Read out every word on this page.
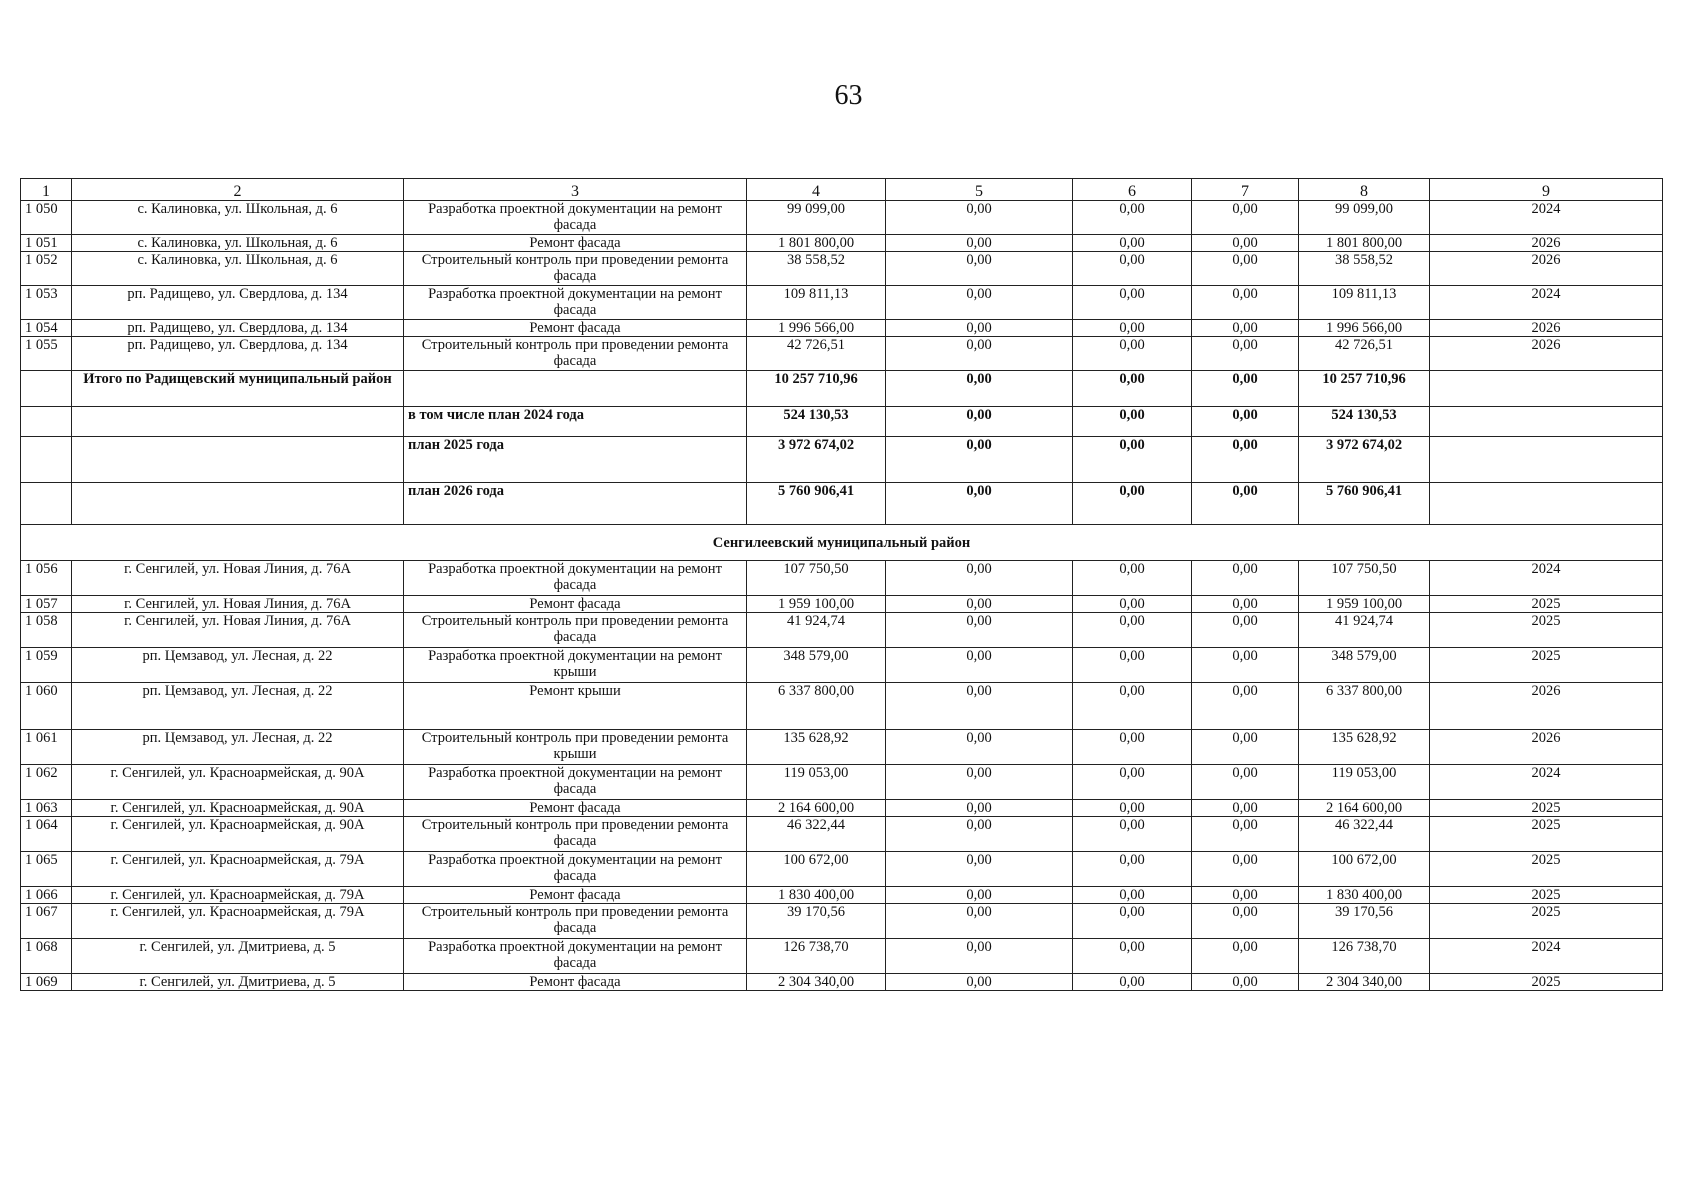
63
1	2	3	4	5	6	7	8	9
1 050	с. Калиновка, ул. Школьная, д. 6	Разработка проектной документации на ремонт фасада	99 099,00	0,00	0,00	0,00	99 099,00	2024
1 051	с. Калиновка, ул. Школьная, д. 6	Ремонт фасада	1 801 800,00	0,00	0,00	0,00	1 801 800,00	2026
1 052	с. Калиновка, ул. Школьная, д. 6	Строительный контроль при проведении ремонта фасада	38 558,52	0,00	0,00	0,00	38 558,52	2026
1 053	рп. Радищево, ул. Свердлова, д. 134	Разработка проектной документации на ремонт фасада	109 811,13	0,00	0,00	0,00	109 811,13	2024
1 054	рп. Радищево, ул. Свердлова, д. 134	Ремонт фасада	1 996 566,00	0,00	0,00	0,00	1 996 566,00	2026
1 055	рп. Радищево, ул. Свердлова, д. 134	Строительный контроль при проведении ремонта фасада	42 726,51	0,00	0,00	0,00	42 726,51	2026
	Итого по Радищевский муниципальный район		10 257 710,96	0,00	0,00	0,00	10 257 710,96	
		в том числе план 2024 года	524 130,53	0,00	0,00	0,00	524 130,53	
		план 2025 года	3 972 674,02	0,00	0,00	0,00	3 972 674,02	
		план 2026 года	5 760 906,41	0,00	0,00	0,00	5 760 906,41	
Сенгилеевский муниципальный район								
1 056	г. Сенгилей, ул. Новая Линия, д. 76А	Разработка проектной документации на ремонт фасада	107 750,50	0,00	0,00	0,00	107 750,50	2024
1 057	г. Сенгилей, ул. Новая Линия, д. 76А	Ремонт фасада	1 959 100,00	0,00	0,00	0,00	1 959 100,00	2025
1 058	г. Сенгилей, ул. Новая Линия, д. 76А	Строительный контроль при проведении ремонта фасада	41 924,74	0,00	0,00	0,00	41 924,74	2025
1 059	рп. Цемзавод, ул. Лесная, д. 22	Разработка проектной документации на ремонт крыши	348 579,00	0,00	0,00	0,00	348 579,00	2025
1 060	рп. Цемзавод, ул. Лесная, д. 22	Ремонт крыши	6 337 800,00	0,00	0,00	0,00	6 337 800,00	2026
1 061	рп. Цемзавод, ул. Лесная, д. 22	Строительный контроль при проведении ремонта крыши	135 628,92	0,00	0,00	0,00	135 628,92	2026
1 062	г. Сенгилей, ул. Красноармейская, д. 90А	Разработка проектной документации на ремонт фасада	119 053,00	0,00	0,00	0,00	119 053,00	2024
1 063	г. Сенгилей, ул. Красноармейская, д. 90А	Ремонт фасада	2 164 600,00	0,00	0,00	0,00	2 164 600,00	2025
1 064	г. Сенгилей, ул. Красноармейская, д. 90А	Строительный контроль при проведении ремонта фасада	46 322,44	0,00	0,00	0,00	46 322,44	2025
1 065	г. Сенгилей, ул. Красноармейская, д. 79А	Разработка проектной документации на ремонт фасада	100 672,00	0,00	0,00	0,00	100 672,00	2025
1 066	г. Сенгилей, ул. Красноармейская, д. 79А	Ремонт фасада	1 830 400,00	0,00	0,00	0,00	1 830 400,00	2025
1 067	г. Сенгилей, ул. Красноармейская, д. 79А	Строительный контроль при проведении ремонта фасада	39 170,56	0,00	0,00	0,00	39 170,56	2025
1 068	г. Сенгилей, ул. Дмитриева, д. 5	Разработка проектной документации на ремонт фасада	126 738,70	0,00	0,00	0,00	126 738,70	2024
1 069	г. Сенгилей, ул. Дмитриева, д. 5	Ремонт фасада	2 304 340,00	0,00	0,00	0,00	2 304 340,00	2025
